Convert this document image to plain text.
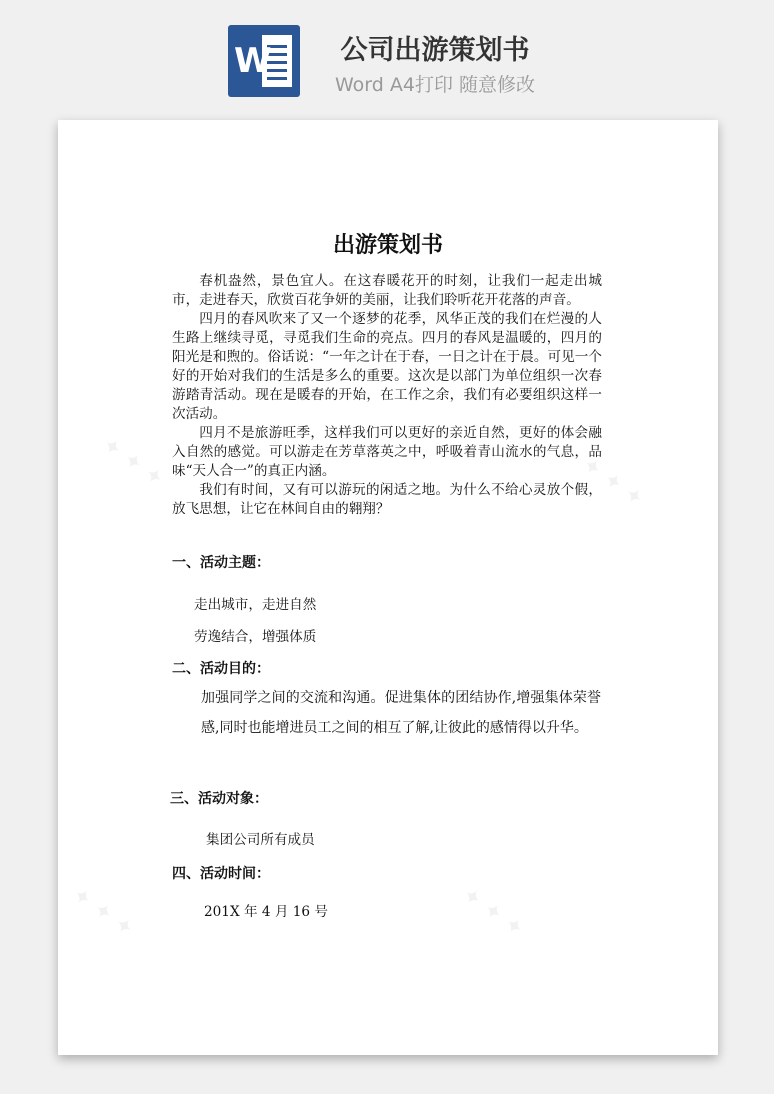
W	公司出游策划书
Word A4打印 随意修改
✦ ✦ ✦	✦ ✦ ✦
✦ ✦ ✦	✦ ✦ ✦
出游策划书

春机盎然，景色宜人。在这春暖花开的时刻，让我们一起走出城市，走进春天，欣赏百花争妍的美丽，让我们聆听花开花落的声音。

四月的春风吹来了又一个逐梦的花季，风华正茂的我们在烂漫的人生路上继续寻觅，寻觅我们生命的亮点。四月的春风是温暖的，四月的阳光是和煦的。俗话说：“一年之计在于春，一日之计在于晨。可见一个好的开始对我们的生活是多么的重要。这次是以部门为单位组织一次春游踏青活动。现在是暖春的开始，在工作之余，我们有必要组织这样一次活动。

四月不是旅游旺季，这样我们可以更好的亲近自然，更好的体会融入自然的感觉。可以游走在芳草落英之中，呼吸着青山流水的气息，品味“天人合一”的真正内涵。

我们有时间，又有可以游玩的闲适之地。为什么不给心灵放个假，放飞思想，让它在林间自由的翱翔？

一、活动主题：
走出城市，走进自然
劳逸结合，增强体质
二、活动目的：
加强同学之间的交流和沟通。促进集体的团结协作,增强集体荣誉感,同时也能增进员工之间的相互了解,让彼此的感情得以升华。
三、活动对象：
集团公司所有成员
四、活动时间：
201X 年 4 月 16 号
